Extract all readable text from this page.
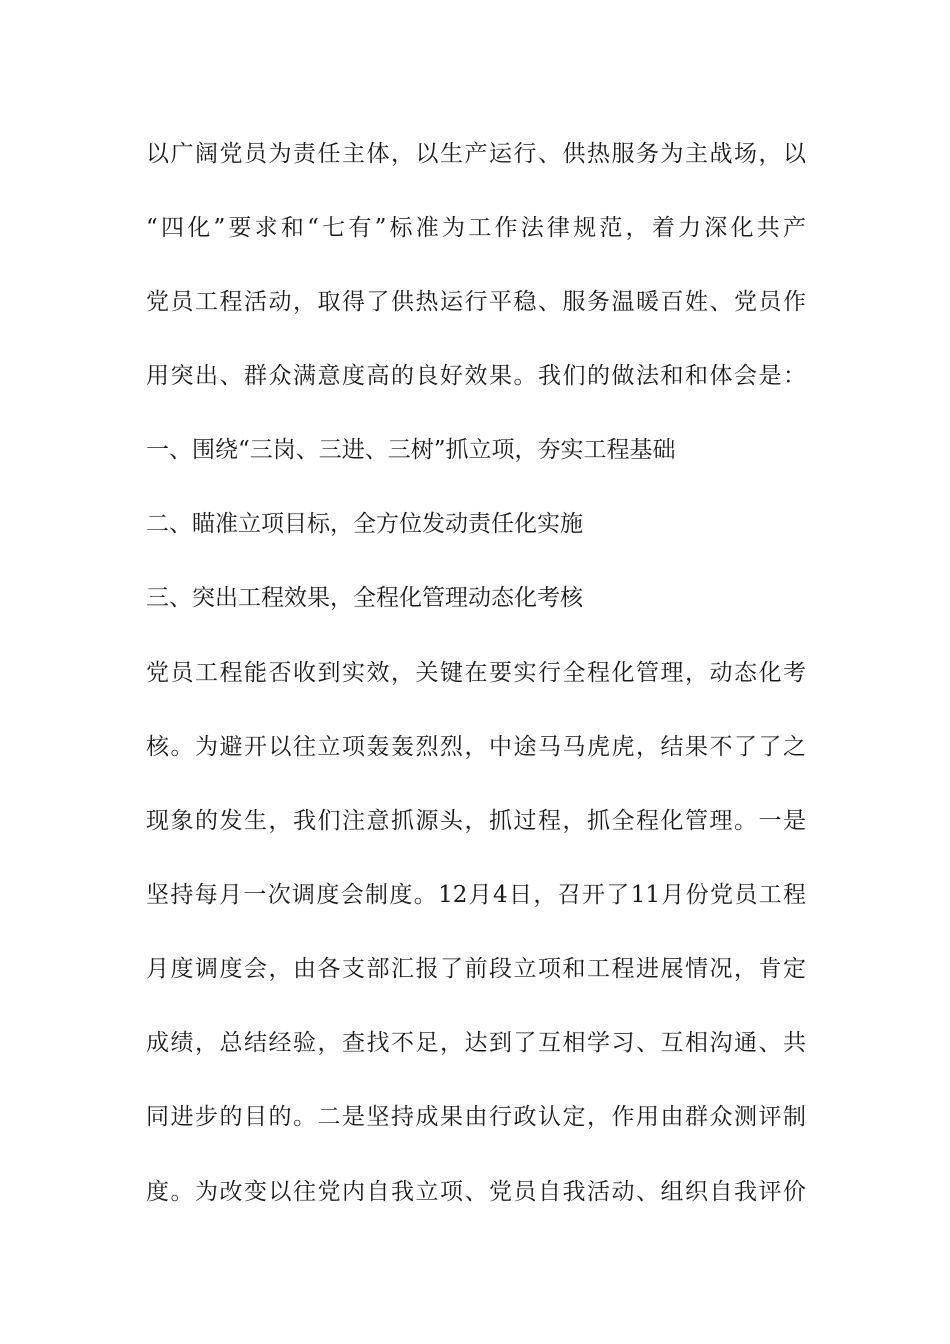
以广阔党员为责任主体，以生产运行、供热服务为主战场，以
“四化”要求和“七有”标准为工作法律规范，着力深化共产
党员工程活动，取得了供热运行平稳、服务温暖百姓、党员作
用突出、群众满意度高的良好效果。我们的做法和和体会是：
一、围绕“三岗、三进、三树”抓立项，夯实工程基础
二、瞄准立项目标，全方位发动责任化实施
三、突出工程效果，全程化管理动态化考核
党员工程能否收到实效，关键在要实行全程化管理，动态化考
核。为避开以往立项轰轰烈烈，中途马马虎虎，结果不了了之
现象的发生，我们注意抓源头，抓过程，抓全程化管理。一是
坚持每月一次调度会制度。12月4日，召开了11月份党员工程
月度调度会，由各支部汇报了前段立项和工程进展情况，肯定
成绩，总结经验，查找不足，达到了互相学习、互相沟通、共
同进步的目的。二是坚持成果由行政认定，作用由群众测评制
度。为改变以往党内自我立项、党员自我活动、组织自我评价
